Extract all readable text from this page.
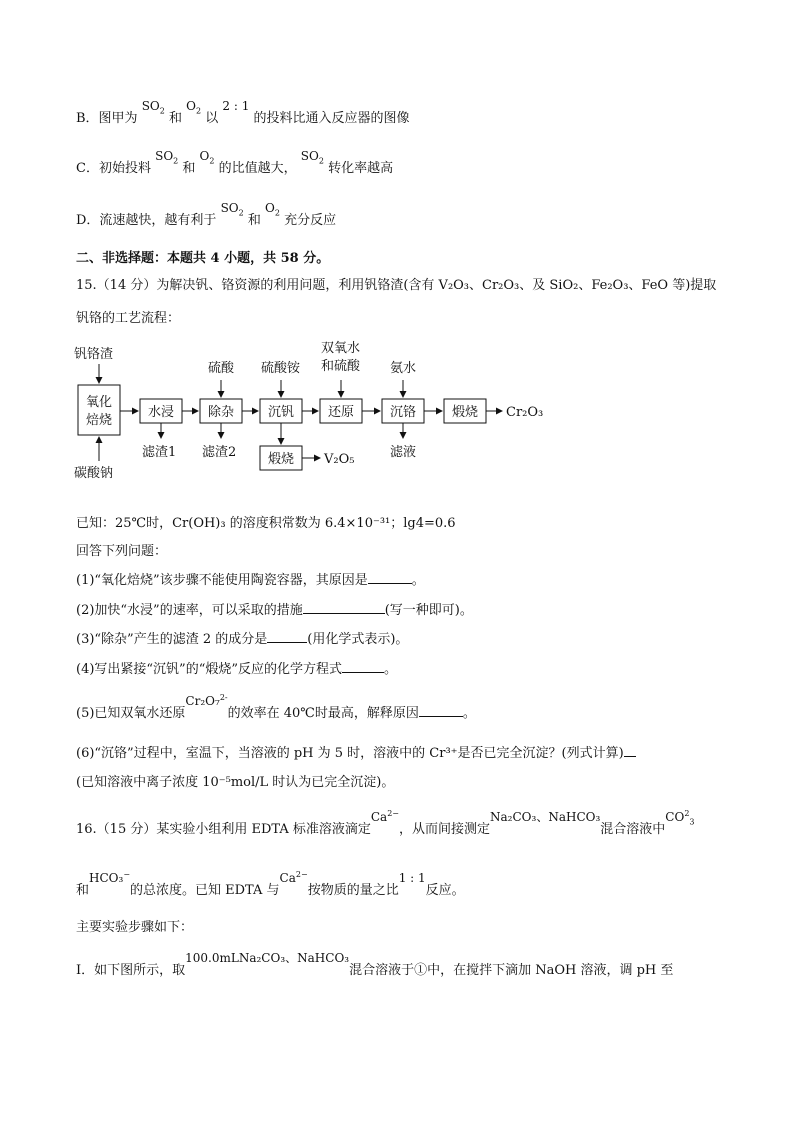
B．图甲为 $SO_2$ 和 $O_2$ 以 2 : 1 的投料比通入反应器的图像
C．初始投料 $SO_2$ 和 $O_2$ 的比值越大， $SO_2$ 转化率越高
D．流速越快，越有利于 $SO_2$ 和 $O_2$ 充分反应
二、非选择题：本题共 4 小题，共 58 分。
15.（14 分）为解决钒、铬资源的利用问题，利用钒铬渣(含有 V₂O₃、Cr₂O₃、及 SiO₂、Fe₂O₃、FeO 等)提取
钒铬的工艺流程：
钒铬渣
氧化
焙烧
碳酸钠
水浸	除杂	沉钒	还原	沉铬	煅烧
煅烧
硫酸 硫酸铵
双氧水
和硫酸 氨水
滤渣1 滤渣2	滤液
Cr₂O₃
V₂O₅
已知：25℃时，Cr(OH)₃ 的溶度积常数为 6.4×10⁻³¹；lg4=0.6
回答下列问题：
(1)“氧化焙烧”该步骤不能使用陶瓷容器，其原因是	。
(2)加快“水浸”的速率，可以采取的措施	(写一种即可)。
(3)“除杂”产生的滤渣 2 的成分是	(用化学式表示)。
(4)写出紧接“沉钒”的“煅烧”反应的化学方程式	。
(5)已知双氧水还原Cr₂O₇$^{2-}$的效率在 40℃时最高，解释原因	。
(6)“沉铬”过程中，室温下，当溶液的 pH 为 5 时，溶液中的 Cr³⁺是否已完全沉淀？(列式计算)
(已知溶液中离子浓度 10⁻⁵mol/L 时认为已完全沉淀)。
16.（15 分）某实验小组利用 EDTA 标准溶液滴定$Ca^{2-}$，从而间接测定Na₂CO₃、NaHCO₃混合溶液中$CO^2_3$
和HCO₃−的总浓度。已知 EDTA 与$Ca^{2-}$按物质的量之比1 : 1反应。
主要实验步骤如下：
Ⅰ．如下图所示，取100.0mLNa₂CO₃、NaHCO₃混合溶液于①中，在搅拌下滴加 NaOH 溶液，调 pH 至
